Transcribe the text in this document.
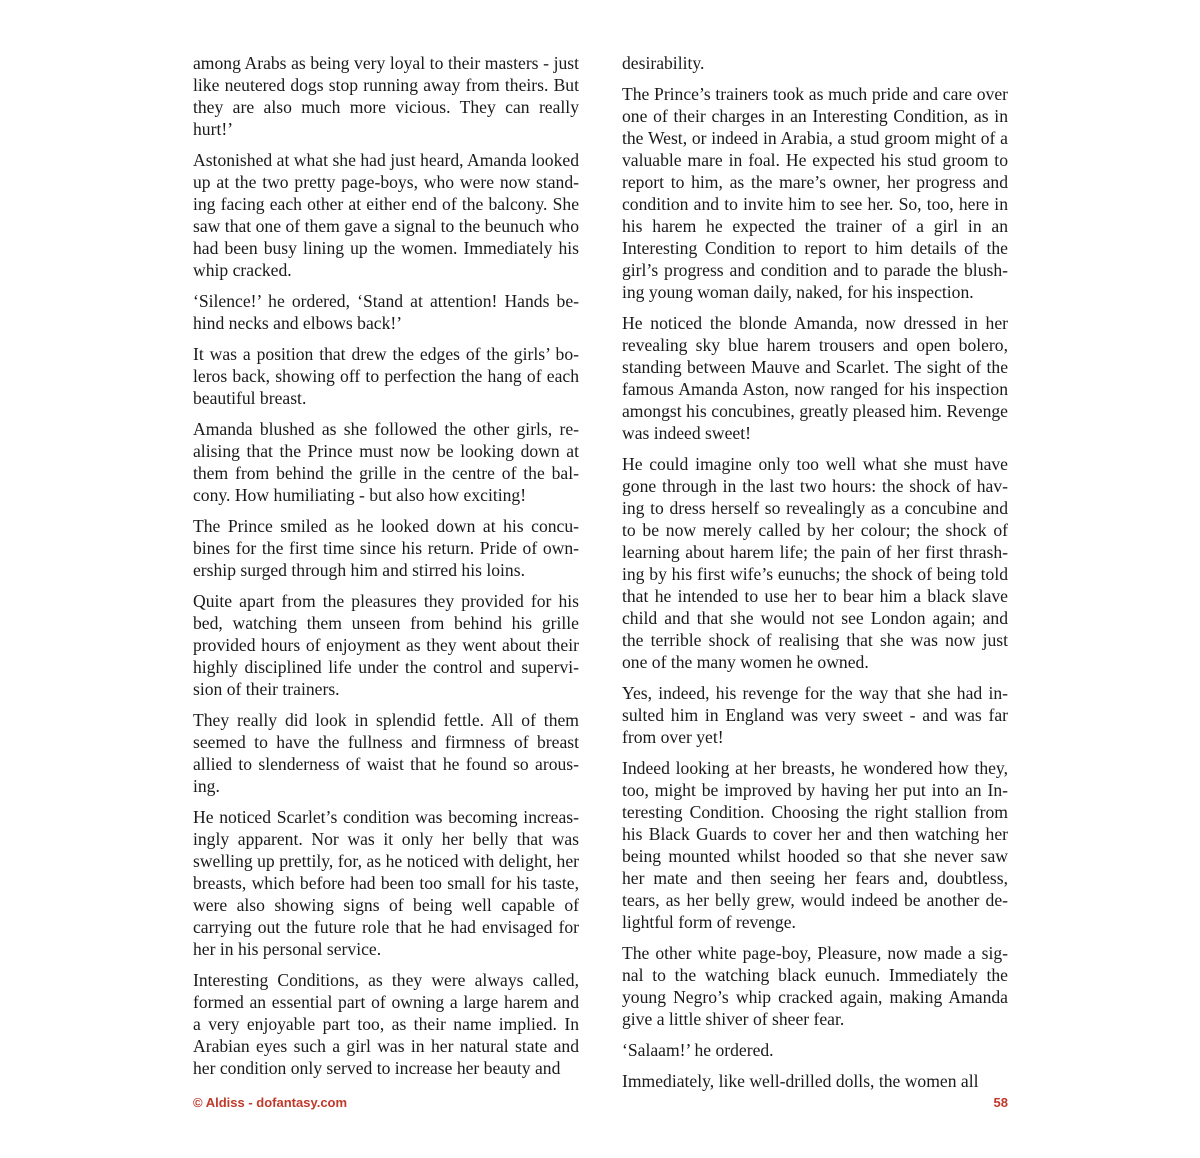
among Arabs as being very loyal to their masters - just like neutered dogs stop running away from theirs. But they are also much more vicious. They can really hurt!’

Astonished at what she had just heard, Amanda looked up at the two pretty page-boys, who were now standing facing each other at either end of the balcony. She saw that one of them gave a signal to the beunuch who had been busy lining up the women. Immediately his whip cracked.

‘Silence!’ he ordered, ‘Stand at attention! Hands behind necks and elbows back!’

It was a position that drew the edges of the girls’ boleros back, showing off to perfection the hang of each beautiful breast.

Amanda blushed as she followed the other girls, realising that the Prince must now be looking down at them from behind the grille in the centre of the balcony. How humiliating - but also how exciting!

The Prince smiled as he looked down at his concubines for the first time since his return. Pride of ownership surged through him and stirred his loins.

Quite apart from the pleasures they provided for his bed, watching them unseen from behind his grille provided hours of enjoyment as they went about their highly disciplined life under the control and supervision of their trainers.

They really did look in splendid fettle. All of them seemed to have the fullness and firmness of breast allied to slenderness of waist that he found so arousing.

He noticed Scarlet’s condition was becoming increasingly apparent. Nor was it only her belly that was swelling up prettily, for, as he noticed with delight, her breasts, which before had been too small for his taste, were also showing signs of being well capable of carrying out the future role that he had envisaged for her in his personal service.

Interesting Conditions, as they were always called, formed an essential part of owning a large harem and a very enjoyable part too, as their name implied. In Arabian eyes such a girl was in her natural state and her condition only served to increase her beauty and

desirability.

The Prince’s trainers took as much pride and care over one of their charges in an Interesting Condition, as in the West, or indeed in Arabia, a stud groom might of a valuable mare in foal. He expected his stud groom to report to him, as the mare’s owner, her progress and condition and to invite him to see her. So, too, here in his harem he expected the trainer of a girl in an Interesting Condition to report to him details of the girl’s progress and condition and to parade the blushing young woman daily, naked, for his inspection.

He noticed the blonde Amanda, now dressed in her revealing sky blue harem trousers and open bolero, standing between Mauve and Scarlet. The sight of the famous Amanda Aston, now ranged for his inspection amongst his concubines, greatly pleased him. Revenge was indeed sweet!

He could imagine only too well what she must have gone through in the last two hours: the shock of having to dress herself so revealingly as a concubine and to be now merely called by her colour; the shock of learning about harem life; the pain of her first thrashing by his first wife’s eunuchs; the shock of being told that he intended to use her to bear him a black slave child and that she would not see London again; and the terrible shock of realising that she was now just one of the many women he owned.

Yes, indeed, his revenge for the way that she had insulted him in England was very sweet - and was far from over yet!

Indeed looking at her breasts, he wondered how they, too, might be improved by having her put into an Interesting Condition. Choosing the right stallion from his Black Guards to cover her and then watching her being mounted whilst hooded so that she never saw her mate and then seeing her fears and, doubtless, tears, as her belly grew, would indeed be another delightful form of revenge.

The other white page-boy, Pleasure, now made a signal to the watching black eunuch. Immediately the young Negro’s whip cracked again, making Amanda give a little shiver of sheer fear.

‘Salaam!’ he ordered.

Immediately, like well-drilled dolls, the women all

© Aldiss - dofantasy.com	58
